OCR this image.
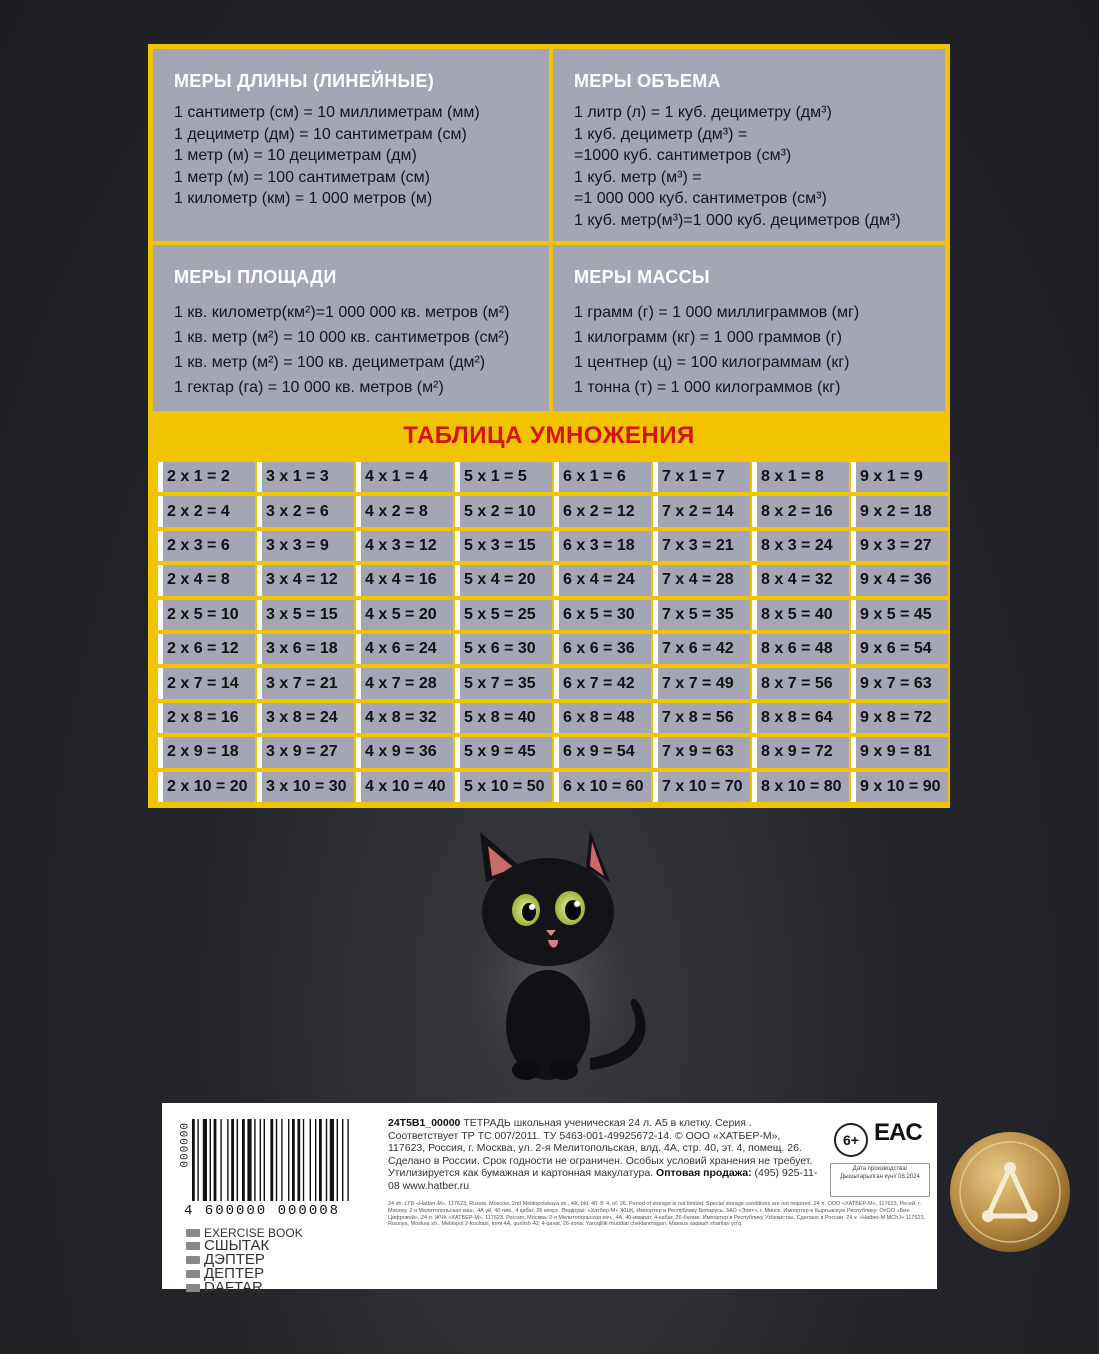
МЕРЫ ДЛИНЫ (ЛИНЕЙНЫЕ)
1 сантиметр (см) = 10 миллиметрам (мм)
1 дециметр (дм) = 10 сантиметрам (см)
1 метр (м) = 10 дециметрам (дм)
1 метр (м) = 100 сантиметрам (см)
1 километр (км) = 1 000 метров (м)
МЕРЫ ОБЪЕМА
1 литр (л) = 1 куб. дециметру (дм³)
1 куб. дециметр (дм³) =
=1000 куб. сантиметров (см³)
1 куб. метр (м³) =
=1 000 000 куб. сантиметров (см³)
1 куб. метр(м³)=1 000 куб. дециметров (дм³)
МЕРЫ ПЛОЩАДИ
1 кв. километр(км²)=1 000 000 кв. метров (м²)
1 кв. метр (м²) = 10 000 кв. сантиметров (см²)
1 кв. метр (м²) = 100 кв. дециметрам (дм²)
1 гектар (га) = 10 000 кв. метров (м²)
МЕРЫ МАССЫ
1 грамм (г) = 1 000 миллиграммов (мг)
1 килограмм (кг) = 1 000 граммов (г)
1 центнер (ц) = 100 килограммам (кг)
1 тонна (т) = 1 000 килограммов (кг)
ТАБЛИЦА УМНОЖЕНИЯ
2 x 1 = 2	3 x 1 = 3	4 x 1 = 4	5 x 1 = 5	6 x 1 = 6	7 x 1 = 7	8 x 1 = 8	9 x 1 = 9
2 x 2 = 4	3 x 2 = 6	4 x 2 = 8	5 x 2 = 10	6 x 2 = 12	7 x 2 = 14	8 x 2 = 16	9 x 2 = 18
2 x 3 = 6	3 x 3 = 9	4 x 3 = 12	5 x 3 = 15	6 x 3 = 18	7 x 3 = 21	8 x 3 = 24	9 x 3 = 27
2 x 4 = 8	3 x 4 = 12	4 x 4 = 16	5 x 4 = 20	6 x 4 = 24	7 x 4 = 28	8 x 4 = 32	9 x 4 = 36
2 x 5 = 10	3 x 5 = 15	4 x 5 = 20	5 x 5 = 25	6 x 5 = 30	7 x 5 = 35	8 x 5 = 40	9 x 5 = 45
2 x 6 = 12	3 x 6 = 18	4 x 6 = 24	5 x 6 = 30	6 x 6 = 36	7 x 6 = 42	8 x 6 = 48	9 x 6 = 54
2 x 7 = 14	3 x 7 = 21	4 x 7 = 28	5 x 7 = 35	6 x 7 = 42	7 x 7 = 49	8 x 7 = 56	9 x 7 = 63
2 x 8 = 16	3 x 8 = 24	4 x 8 = 32	5 x 8 = 40	6 x 8 = 48	7 x 8 = 56	8 x 8 = 64	9 x 8 = 72
2 x 9 = 18	3 x 9 = 27	4 x 9 = 36	5 x 9 = 45	6 x 9 = 54	7 x 9 = 63	8 x 9 = 72	9 x 9 = 81
2 x 10 = 20	3 x 10 = 30	4 x 10 = 40	5 x 10 = 50	6 x 10 = 60	7 x 10 = 70	8 x 10 = 80	9 x 10 = 90
000000
4 600000 000008
EXERCISE BOOK
СШЫТАК
ДЭПТЕР
ДЕПТЕР
DAFTAR
24Т5В1_00000 ТЕТРАДЬ школьная ученическая 24 л. А5 в клетку. Серия . Соответствует ТР ТС 007/2011. ТУ 5463-001-49925672-14. © ООО «ХАТБЕР-М», 117623, Россия, г. Москва, ул. 2-я Мелитопольская, влд. 4А, стр. 40, эт. 4, помещ. 26. Сделано в России. Срок годности не ограничен. Особых условий хранения не требует. Утилизируется как бумажная и картонная макулатура. Оптовая продажа: (495) 925-11-08 www.hatber.ru
24 sh. LTD «Hatber-M», 117623, Russia, Moscow, 2nd Melitopolskaya str., 4A, bld. 40, fl. 4, of. 26. Period of storage is not limited. Special storage conditions are not required. 24 л. ООО «ХАТБЕР-М», 117623, Ресей, г. Мәскеу, 2-я Мелитопольская көш., 4А үй, 40 ғим., 4 қабат, 26 кеңсе. Өндіруші: «Хатбер-М» ЖШҚ. Импортер в Республику Беларусь: ЗАО «Элит», г. Минск. Импортер в Кыргызскую Республику: ОсОО «Биз-Цифровой». 24 л. ЖЧК «ХАТБЕР-М», 117623, Россия, Москва, 2-я Мелитопольская көч., 4А, 40-имарат, 4-кабат, 26-бөлмө. Импортер в Республику Узбекистан. Сделано в России. 24 v. «Hatber-M MChJ» 117623, Rossiya, Moskva sh., Melitopol 2-kochasi, tomi 4A, qurilish 40, 4-qavat, 26-xona. Yaroqlilik muddati cheklanmagan. Maxsus saqlash shartlari yo'q.
6+ EAC
Дата производства/ Дышыгарылган күні/ 08.2024
